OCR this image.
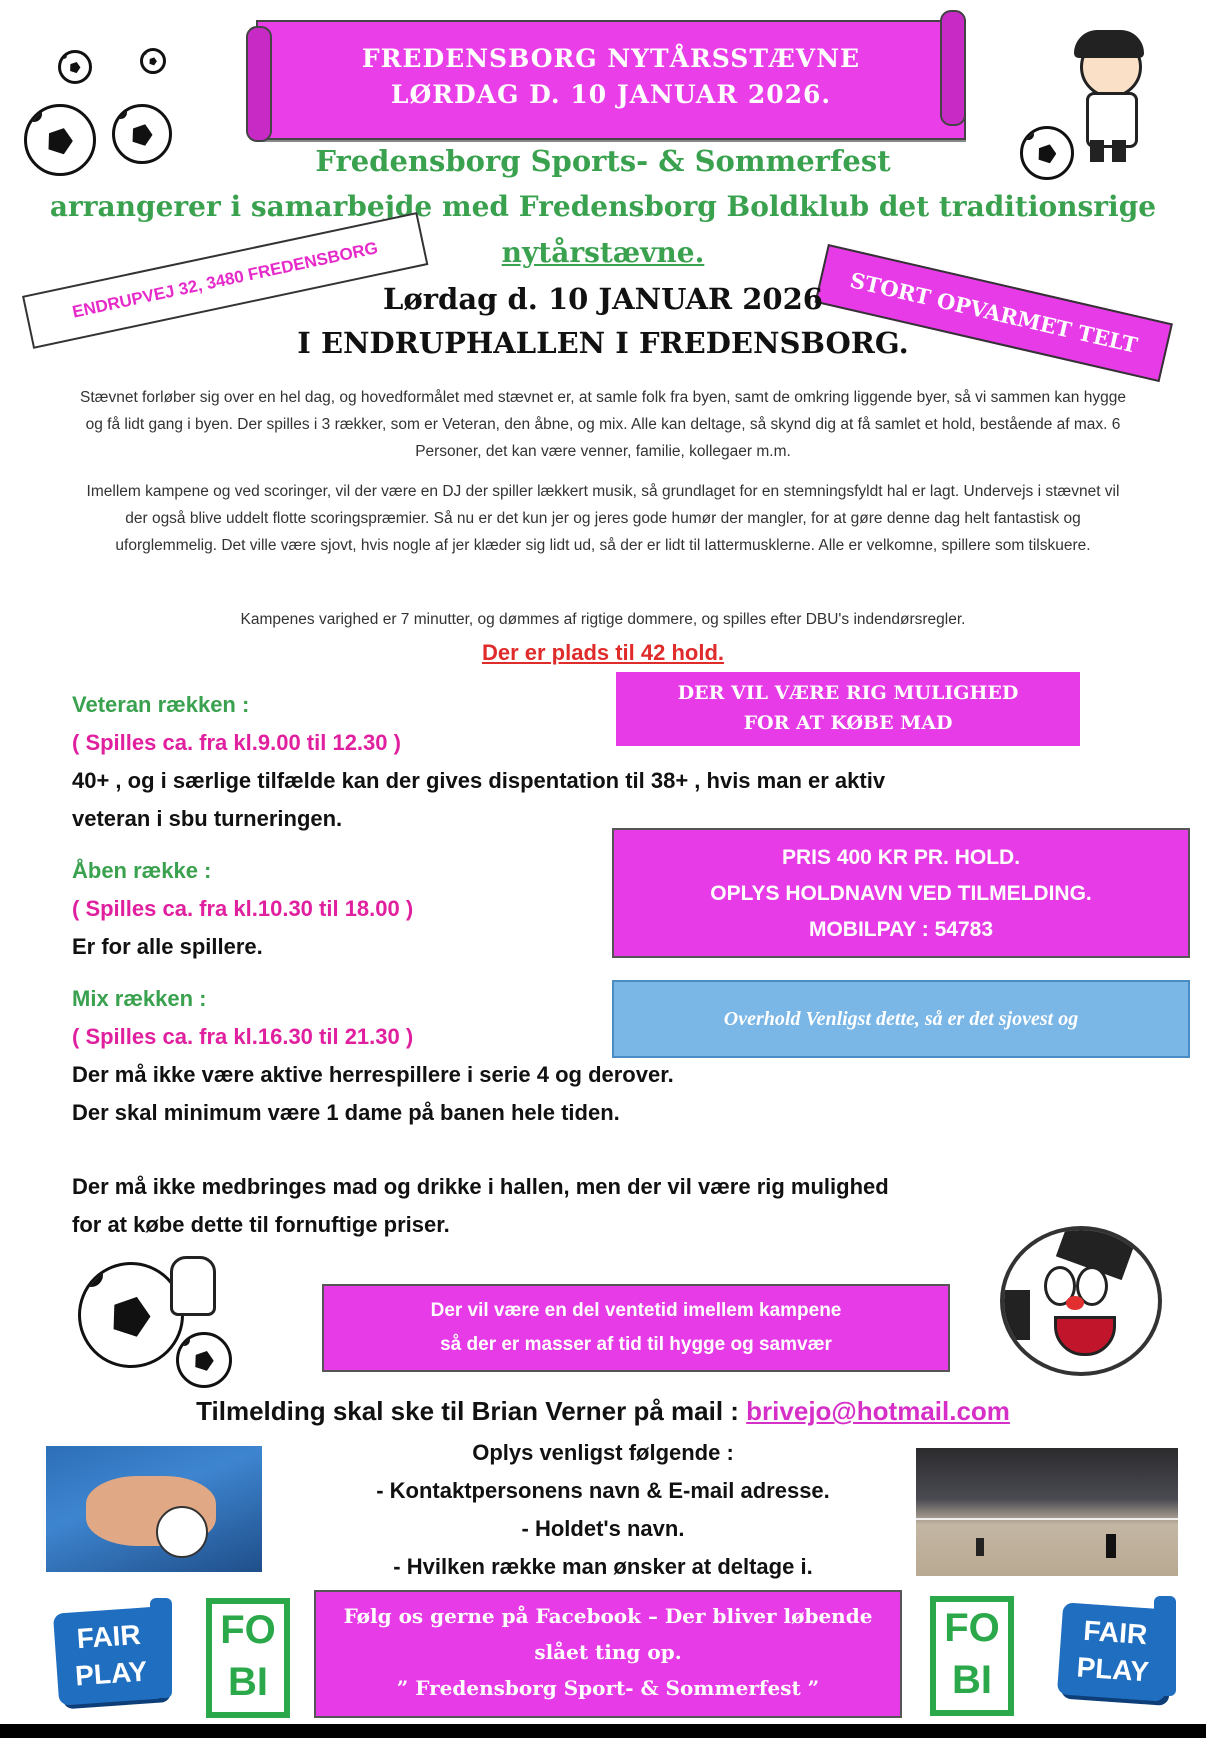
FREDENSBORG NYTÅRSSTÆVNE
LØRDAG D. 10 JANUAR 2026.
Fredensborg Sports- & Sommerfest
arrangerer i samarbejde med Fredensborg Boldklub det traditionsrige
nytårstævne.
ENDRUPVEJ 32, 3480 FREDENSBORG	STORT OPVARMET TELT
Lørdag d. 10 JANUAR 2026
I ENDRUPHALLEN I FREDENSBORG.
Stævnet forløber sig over en hel dag, og hovedformålet med stævnet er, at samle folk fra byen, samt de omkring liggende byer, så vi sammen kan hygge og få lidt gang i byen. Der spilles i 3 rækker, som er Veteran, den åbne, og mix. Alle kan deltage, så skynd dig at få samlet et hold, bestående af max. 6 Personer, det kan være venner, familie, kollegaer m.m.
Imellem kampene og ved scoringer, vil der være en DJ der spiller lækkert musik, så grundlaget for en stemningsfyldt hal er lagt. Undervejs i stævnet vil der også blive uddelt flotte scoringspræmier. Så nu er det kun jer og jeres gode humør der mangler, for at gøre denne dag helt fantastisk og uforglemmelig. Det ville være sjovt, hvis nogle af jer klæder sig lidt ud, så der er lidt til lattermusklerne. Alle er velkomne, spillere som tilskuere.
Kampenes varighed er 7 minutter, og dømmes af rigtige dommere, og spilles efter DBU's indendørsregler.
Der er plads til 42 hold.
DER VIL VÆRE RIG MULIGHED
FOR AT KØBE MAD
Veteran rækken :
( Spilles ca. fra kl.9.00 til 12.30 )
40+ , og i særlige tilfælde kan der gives dispentation til 38+ , hvis man er aktiv
veteran i sbu turneringen.
Åben række :
( Spilles ca. fra kl.10.30 til 18.00 )
Er for alle spillere.
PRIS 400 KR PR. HOLD.
OPLYS HOLDNAVN VED TILMELDING.
MOBILPAY : 54783
Mix rækken :
( Spilles ca. fra kl.16.30 til 21.30 )
Der må ikke være aktive herrespillere i serie 4 og derover.
Der skal minimum være 1 dame på banen hele tiden.
Overhold Venligst dette, så er det sjovest og
Der må ikke medbringes mad og drikke i hallen, men der vil være rig mulighed
for at købe dette til fornuftige priser.
Der vil være en del ventetid imellem kampene
så der er masser af tid til hygge og samvær
Tilmelding skal ske til Brian Verner på mail : brivejo@hotmail.com
Oplys venligst følgende :
- Kontaktpersonens navn & E-mail adresse.
- Holdet's navn.
- Hvilken række man ønsker at deltage i.
Følg os gerne på Facebook – Der bliver løbende
slået ting op.
” Fredensborg Sport- & Sommerfest ”
FAIR
PLAY
FO
BI
FO
BI
FAIR
PLAY
